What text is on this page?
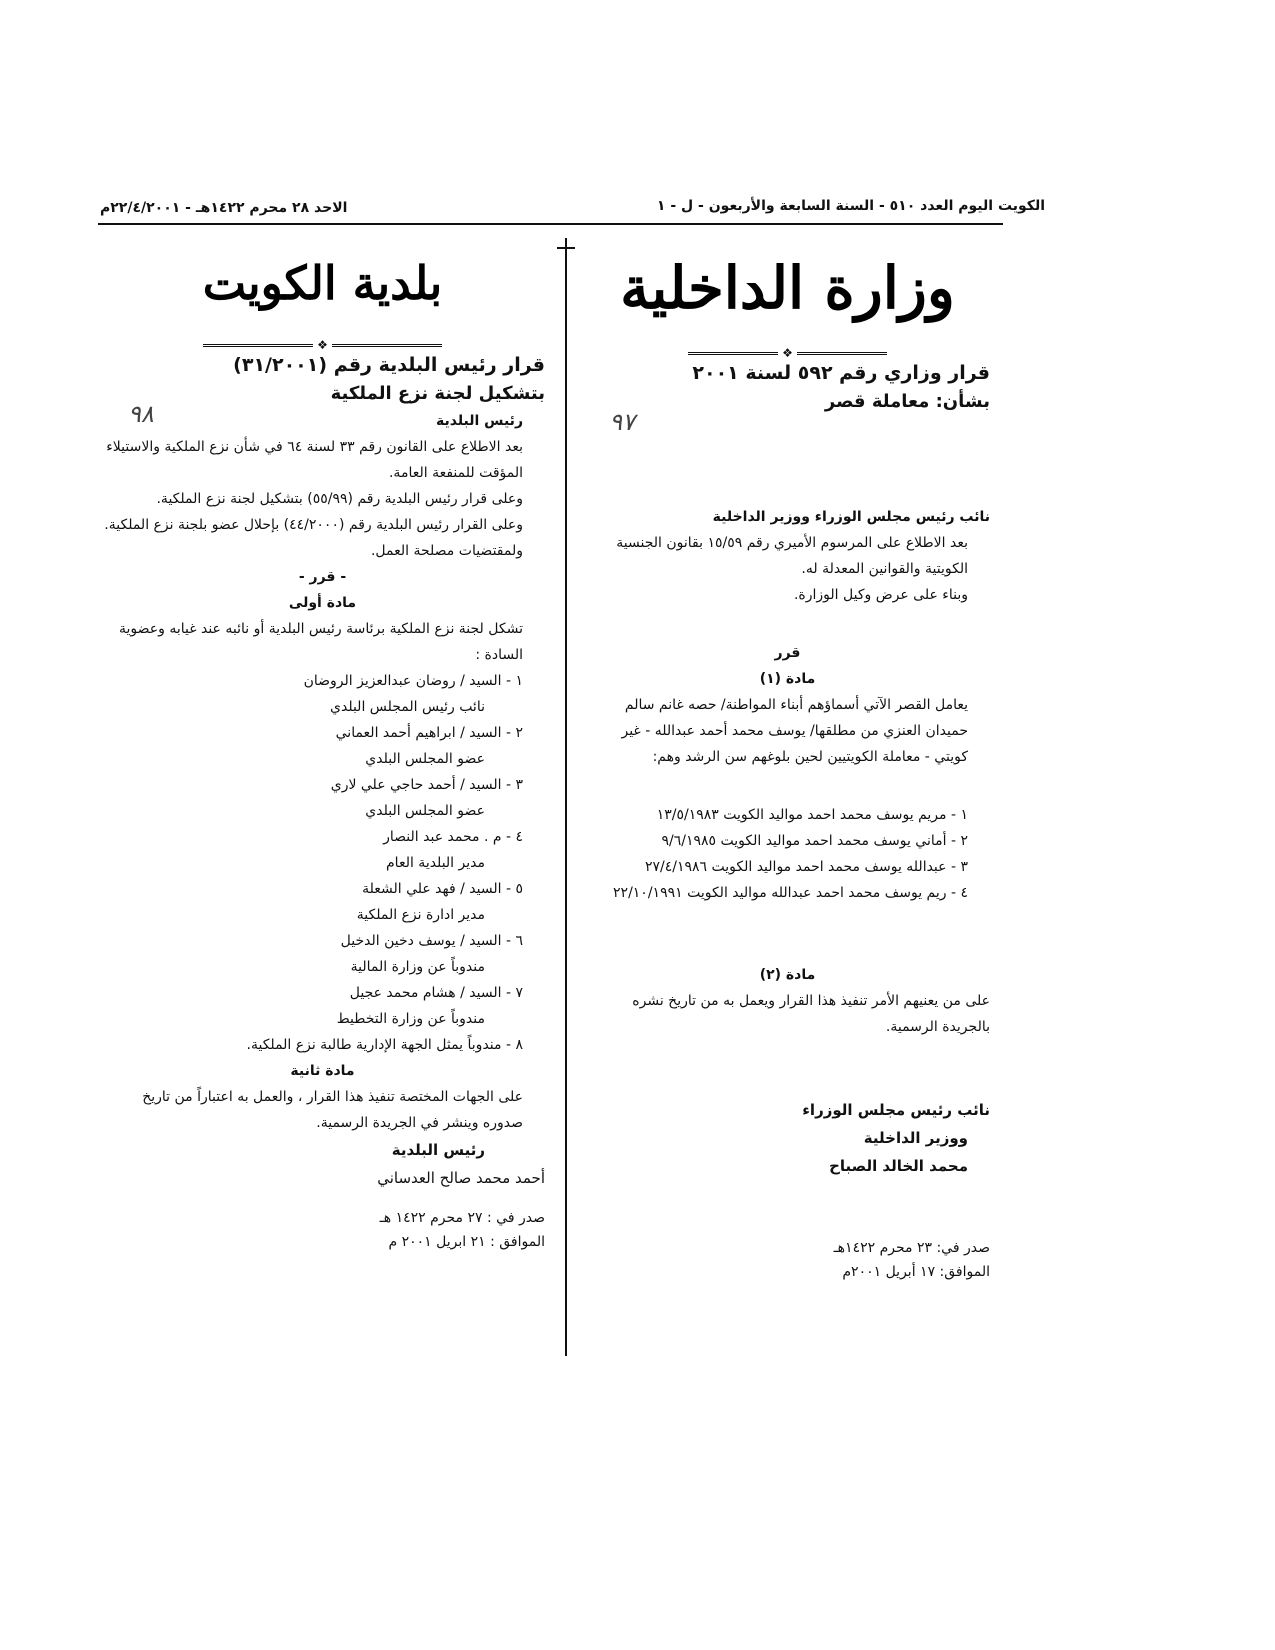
الكويت اليوم العدد ٥١٠ - السنة السابعة والأربعون - ل - ١
الاحد ٢٨ محرم ١٤٢٢هـ - ٢٢/٤/٢٠٠١م
وزارة الداخلية
❖
قرار وزاري رقم ٥٩٢ لسنة ٢٠٠١
بشأن: معاملة قصر
نائب رئيس مجلس الوزراء ووزير الداخلية

بعد الاطلاع على المرسوم الأميري رقم ١٥/٥٩ بقانون الجنسية الكويتية والقوانين المعدلة له.

وبناء على عرض وكيل الوزارة.

قرر
مادة (١)

يعامل القصر الآتي أسماؤهم أبناء المواطنة/ حصه غانم سالم حميدان العنزي من مطلقها/ يوسف محمد أحمد عبدالله - غير كويتي - معاملة الكويتيين لحين بلوغهم سن الرشد وهم:

١ - مريم يوسف محمد احمد مواليد الكويت ١٣/٥/١٩٨٣

٢ - أماني يوسف محمد احمد مواليد الكويت ٩/٦/١٩٨٥

٣ - عبدالله يوسف محمد احمد مواليد الكويت ٢٧/٤/١٩٨٦

٤ - ريم يوسف محمد احمد عبدالله مواليد الكويت ٢٢/١٠/١٩٩١

مادة (٢)

على من يعنيهم الأمر تنفيذ هذا القرار ويعمل به من تاريخ نشره بالجريدة الرسمية.

نائب رئيس مجلس الوزراء
ووزير الداخلية
محمد الخالد الصباح
صدر في: ٢٣ محرم ١٤٢٢هـ
الموافق: ١٧ أبريل ٢٠٠١م
بلدية الكويت
❖
قرار رئيس البلدية رقم (٣١/٢٠٠١)
بتشكيل لجنة نزع الملكية
رئيس البلدية

بعد الاطلاع على القانون رقم ٣٣ لسنة ٦٤ في شأن نزع الملكية والاستيلاء المؤقت للمنفعة العامة.

وعلى قرار رئيس البلدية رقم (٥٥/٩٩) بتشكيل لجنة نزع الملكية.

وعلى القرار رئيس البلدية رقم (٤٤/٢٠٠٠) بإحلال عضو بلجنة نزع الملكية.

ولمقتضيات مصلحة العمل.

- قرر -
مادة أولى

تشكل لجنة نزع الملكية برئاسة رئيس البلدية أو نائبه عند غيابه وعضوية السادة :

١ - السيد / روضان عبدالعزيز الروضان
نائب رئيس المجلس البلدي
٢ - السيد / ابراهيم أحمد العماني
عضو المجلس البلدي
٣ - السيد / أحمد حاجي علي لاري
عضو المجلس البلدي
٤ - م . محمد عبد النصار
مدير البلدية العام
٥ - السيد / فهد علي الشعلة
مدير ادارة نزع الملكية
٦ - السيد / يوسف دخين الدخيل
مندوباً عن وزارة المالية
٧ - السيد / هشام محمد عجيل
مندوباً عن وزارة التخطيط
٨ - مندوباً يمثل الجهة الإدارية طالبة نزع الملكية.
مادة ثانية

على الجهات المختصة تنفيذ هذا القرار ، والعمل به اعتباراً من تاريخ صدوره وينشر في الجريدة الرسمية.

رئيس البلدية
أحمد محمد صالح العدساني
صدر في : ٢٧ محرم ١٤٢٢ هـ
الموافق : ٢١ ابريل ٢٠٠١ م
٩٧
٩٨
